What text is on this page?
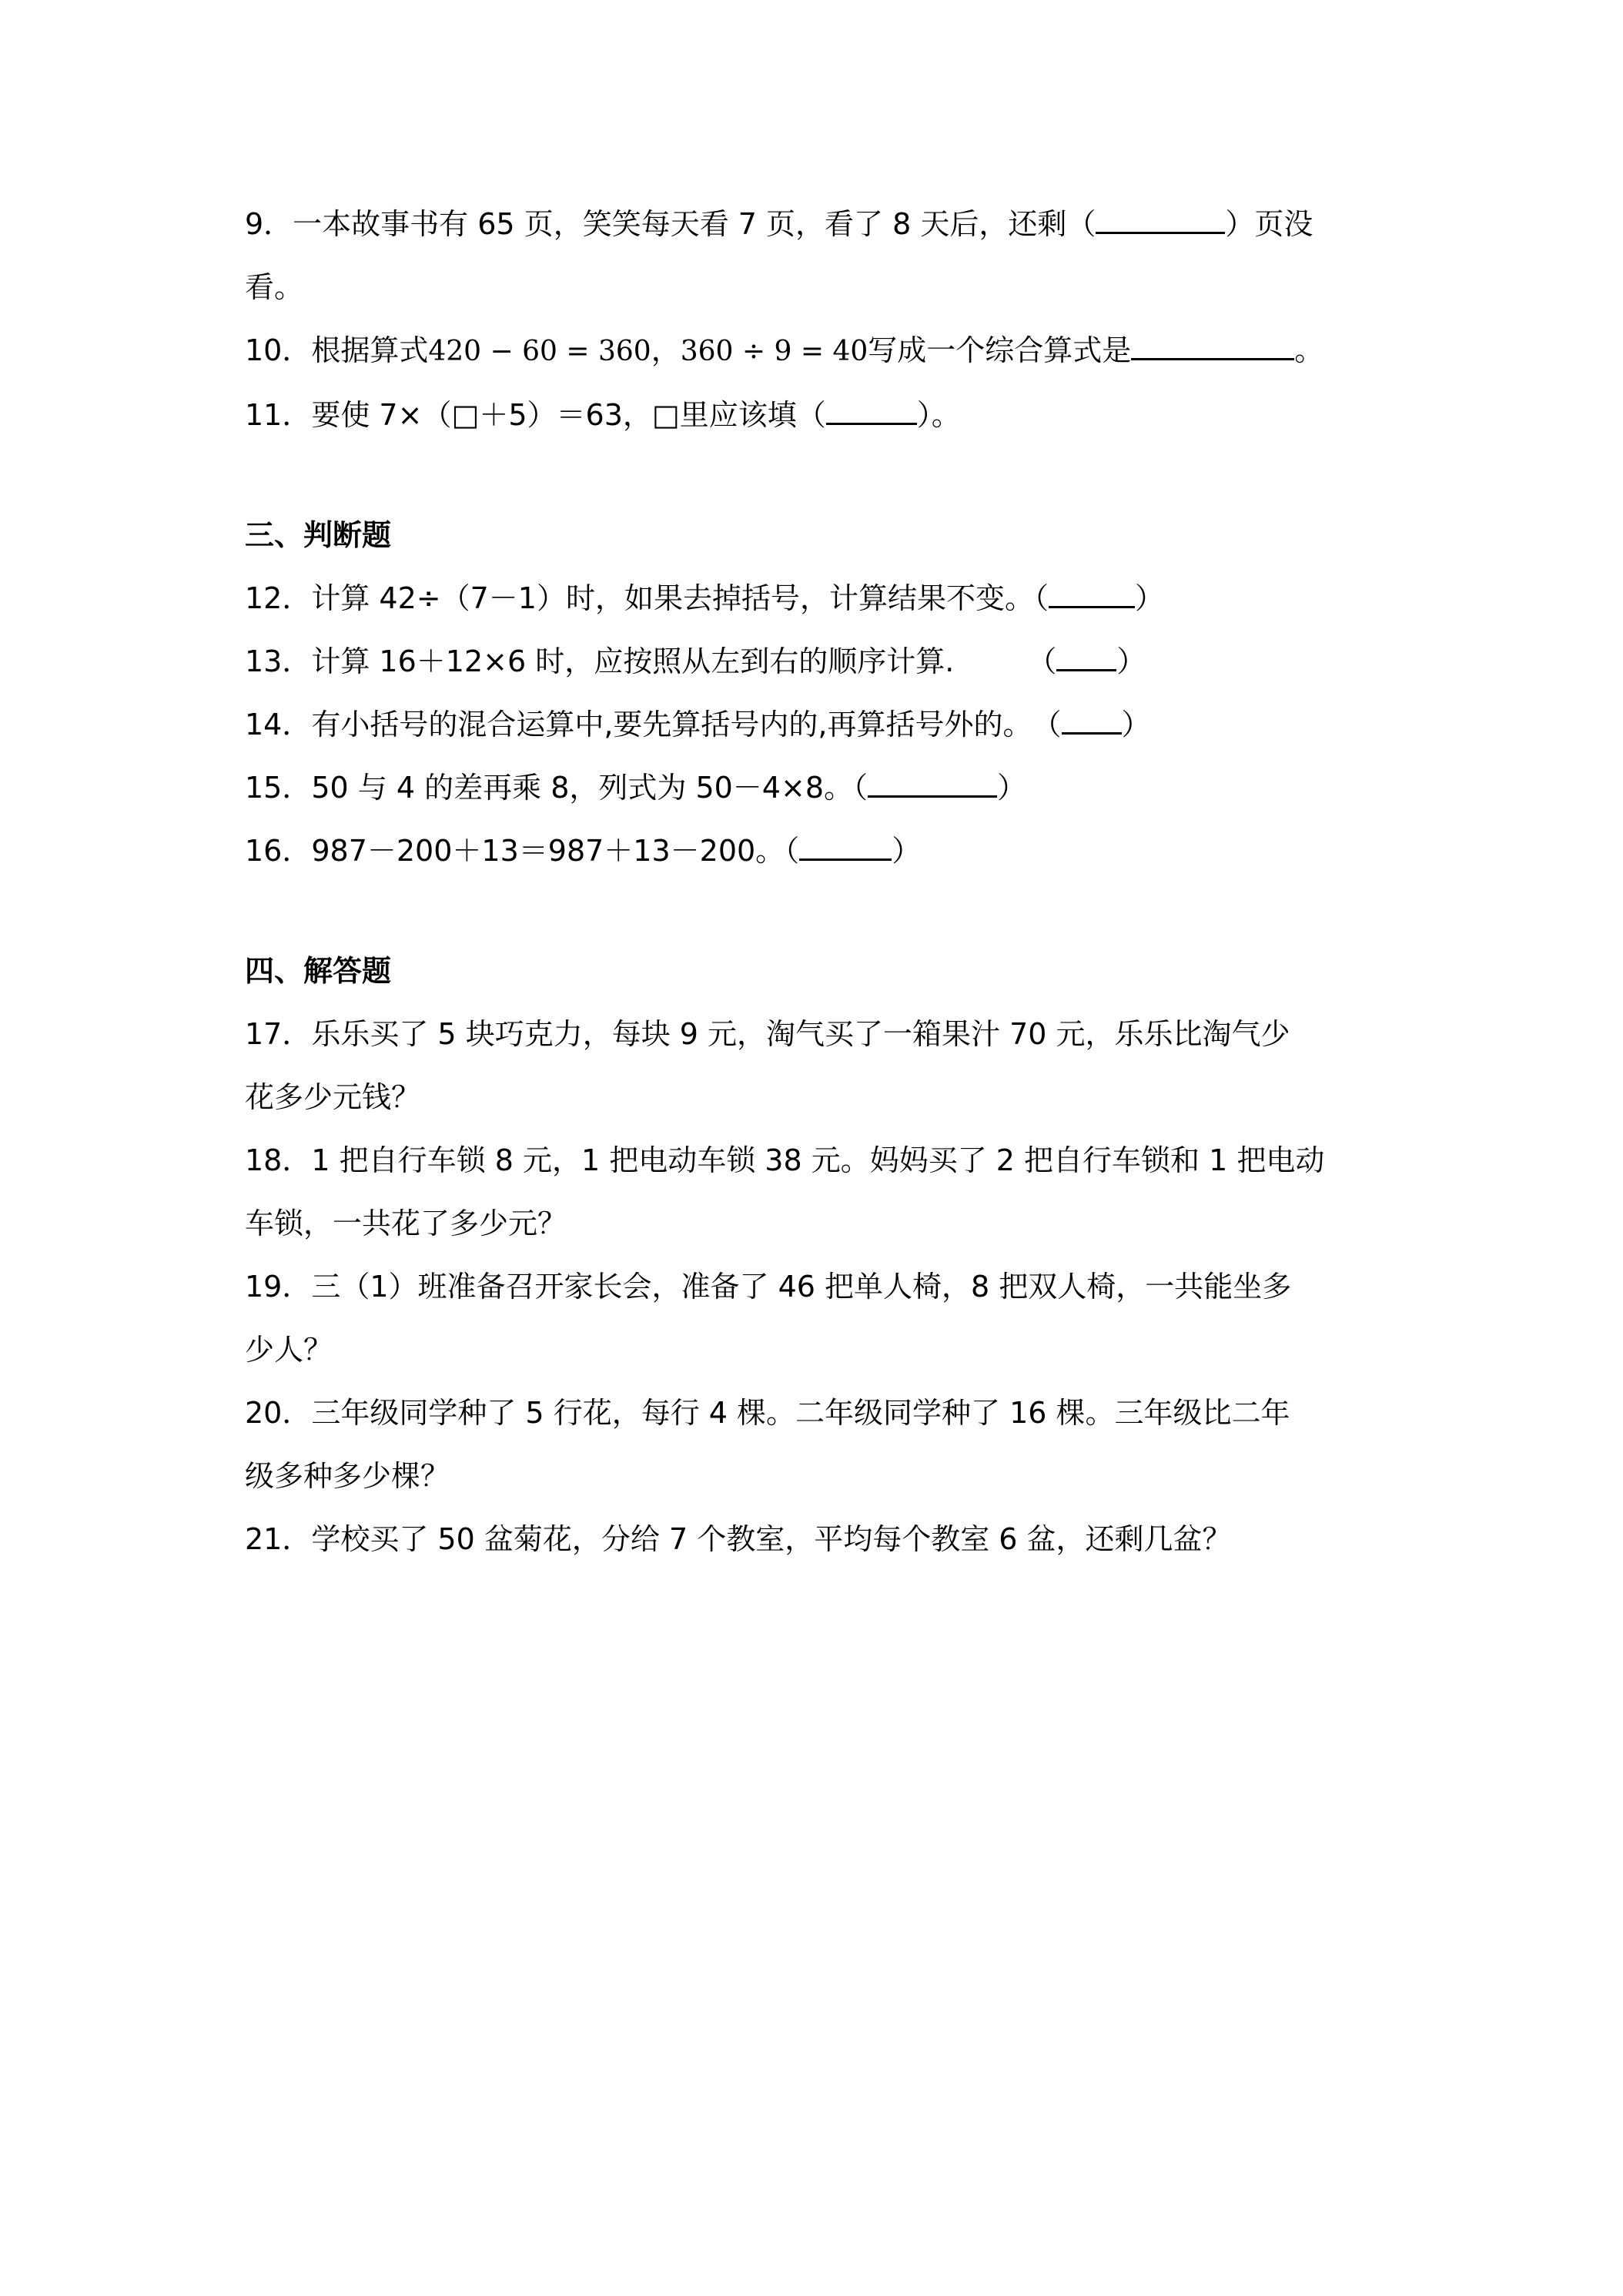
9．一本故事书有 65 页，笑笑每天看 7 页，看了 8 天后，还剩（	）页没
看。
10．根据算式420 − 60 = 360，360 ÷ 9 = 40写成一个综合算式是	。
11．要使 7×（□＋5）＝63，□里应该填（	）。
三、判断题
12．计算 42÷（7－1）时，如果去掉括号，计算结果不变。（	）
13．计算 16＋12×6 时，应按照从左到右的顺序计算.　　　（ ）
14．有小括号的混合运算中,要先算括号内的,再算括号外的。　（ ）
15．50 与 4 的差再乘 8，列式为 50－4×8。（	）
16．987－200＋13＝987＋13－200。（	）
四、解答题
17．乐乐买了 5 块巧克力，每块 9 元，淘气买了一箱果汁 70 元，乐乐比淘气少
花多少元钱？
18．1 把自行车锁 8 元，1 把电动车锁 38 元。妈妈买了 2 把自行车锁和 1 把电动
车锁，一共花了多少元？
19．三（1）班准备召开家长会，准备了 46 把单人椅，8 把双人椅，一共能坐多
少人？
20．三年级同学种了 5 行花，每行 4 棵。二年级同学种了 16 棵。三年级比二年
级多种多少棵？
21．学校买了 50 盆菊花，分给 7 个教室，平均每个教室 6 盆，还剩几盆？
